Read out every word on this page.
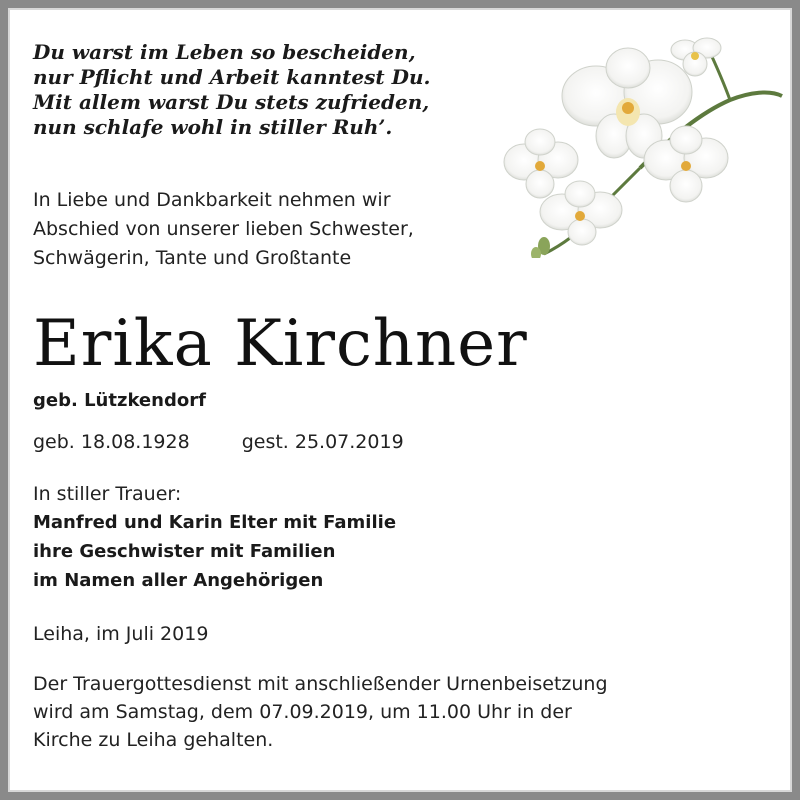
Du warst im Leben so bescheiden,
nur Pflicht und Arbeit kanntest Du.
Mit allem warst Du stets zufrieden,
nun schlafe wohl in stiller Ruh’.
In Liebe und Dankbarkeit nehmen wir
Abschied von unserer lieben Schwester,
Schwägerin, Tante und Großtante
Erika Kirchner
geb. Lützkendorf
geb. 18.08.1928	gest. 25.07.2019
In stiller Trauer:
Manfred und Karin Elter mit Familie
ihre Geschwister mit Familien
im Namen aller Angehörigen
Leiha, im Juli 2019
Der Trauergottesdienst mit anschließender Urnenbeisetzung
wird am Samstag, dem 07.09.2019, um 11.00 Uhr in der
Kirche zu Leiha gehalten.
